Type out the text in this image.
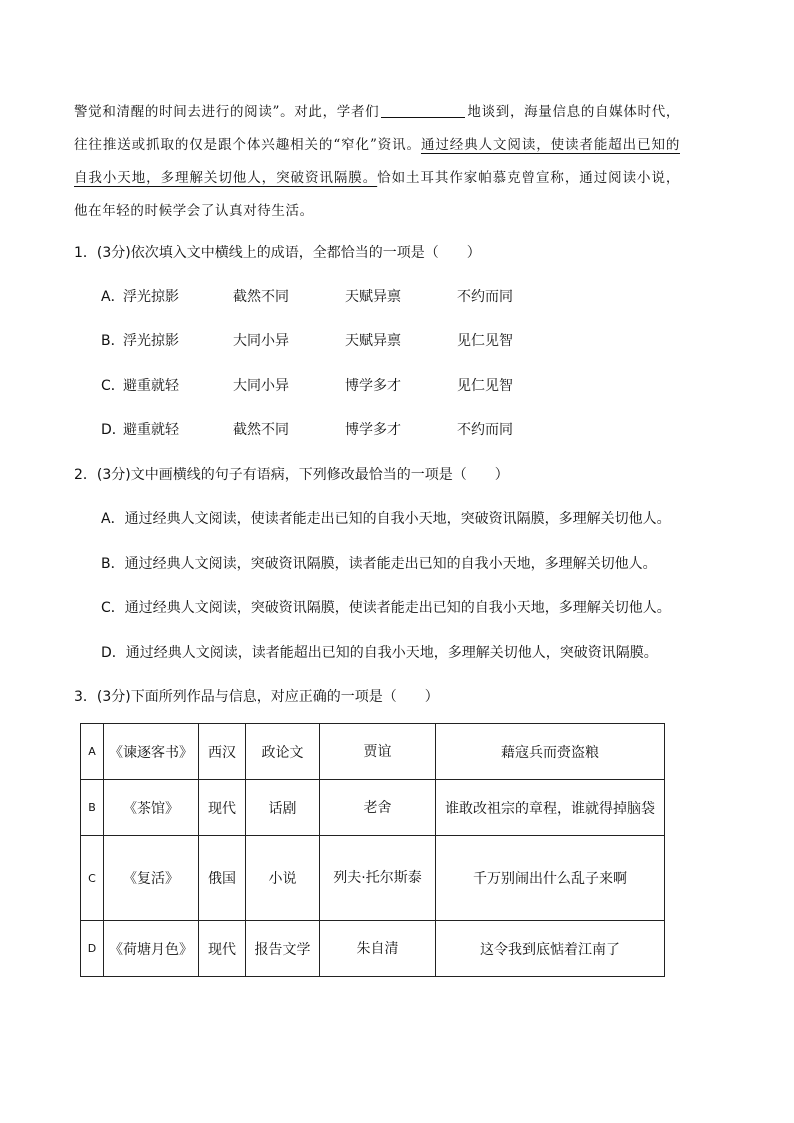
警觉和清醒的时间去进行的阅读”。对此，学者们	地谈到，海量信息的自媒体时代，往往推送或抓取的仅是跟个体兴趣相关的“窄化”资讯。通过经典人文阅读，使读者能超出已知的自我小天地，多理解关切他人，突破资讯隔膜。恰如土耳其作家帕慕克曾宣称，通过阅读小说，他在年轻的时候学会了认真对待生活。
1．(3分)依次填入文中横线上的成语，全都恰当的一项是（　　）
A．浮光掠影	截然不同	天赋异禀	不约而同
B．浮光掠影	大同小异	天赋异禀	见仁见智
C．避重就轻	大同小异	博学多才	见仁见智
D．避重就轻	截然不同	博学多才	不约而同
2．(3分)文中画横线的句子有语病，下列修改最恰当的一项是（　　）
A．通过经典人文阅读，使读者能走出已知的自我小天地，突破资讯隔膜，多理解关切他人。
B．通过经典人文阅读，突破资讯隔膜，读者能走出已知的自我小天地，多理解关切他人。
C．通过经典人文阅读，突破资讯隔膜，使读者能走出已知的自我小天地，多理解关切他人。
D．通过经典人文阅读，读者能超出已知的自我小天地，多理解关切他人，突破资讯隔膜。
3．(3分)下面所列作品与信息，对应正确的一项是（　　）
A	《谏逐客书》	西汉	政论文	贾谊	藉寇兵而赍盗粮
B	《茶馆》	现代	话剧	老舍	谁敢改祖宗的章程，谁就得掉脑袋
C	《复活》	俄国	小说	列夫·托尔斯泰	千万别闹出什么乱子来啊
D	《荷塘月色》	现代	报告文学	朱自清	这令我到底惦着江南了
